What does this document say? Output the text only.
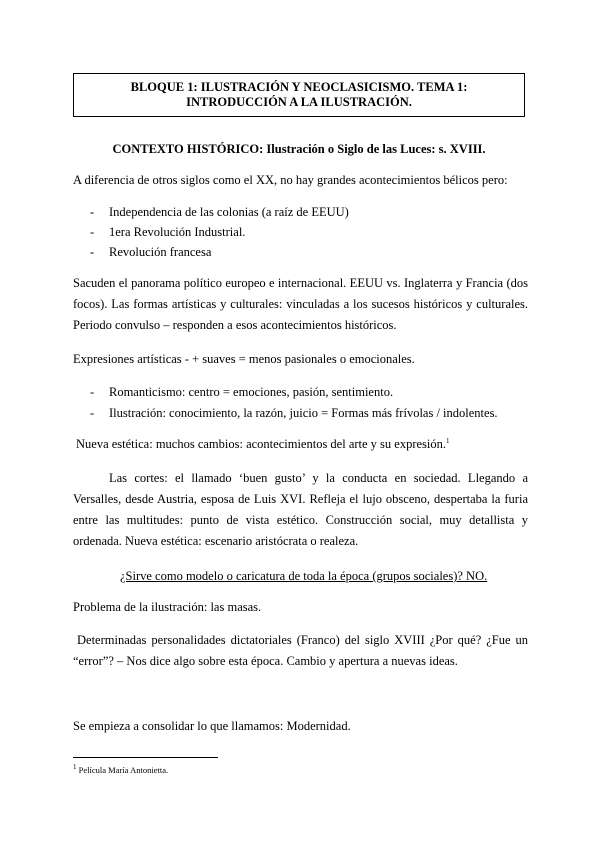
BLOQUE 1: ILUSTRACIÓN Y NEOCLASICISMO. TEMA 1: INTRODUCCIÓN A LA ILUSTRACIÓN.
CONTEXTO HISTÓRICO: Ilustración o Siglo de las Luces: s. XVIII.

A diferencia de otros siglos como el XX, no hay grandes acontecimientos bélicos pero:

- Independencia de las colonias (a raíz de EEUU)
- 1era Revolución Industrial.
- Revolución francesa

Sacuden el panorama político europeo e internacional. EEUU vs. Inglaterra y Francia (dos focos). Las formas artísticas y culturales: vinculadas a los sucesos históricos y culturales. Periodo convulso – responden a esos acontecimientos históricos.

Expresiones artísticas - + suaves = menos pasionales o emocionales.

- Romanticismo: centro = emociones, pasión, sentimiento.
- Ilustración: conocimiento, la razón, juicio = Formas más frívolas / indolentes.

Nueva estética: muchos cambios: acontecimientos del arte y su expresión.$^1$

Las cortes: el llamado ‘buen gusto’ y la conducta en sociedad. Llegando a Versalles, desde Austria, esposa de Luis XVI. Refleja el lujo obsceno, despertaba la furia entre las multitudes: punto de vista estético. Construcción social, muy detallista y ordenada. Nueva estética: escenario aristócrata o realeza.

¿Sirve como modelo o caricatura de toda la época (grupos sociales)? NO.

Problema de la ilustración: las masas.

Determinadas personalidades dictatoriales (Franco) del siglo XVIII ¿Por qué? ¿Fue un “error”? – Nos dice algo sobre esta época. Cambio y apertura a nuevas ideas.

Se empieza a consolidar lo que llamamos: Modernidad.

$^1$ Película María Antonietta.
